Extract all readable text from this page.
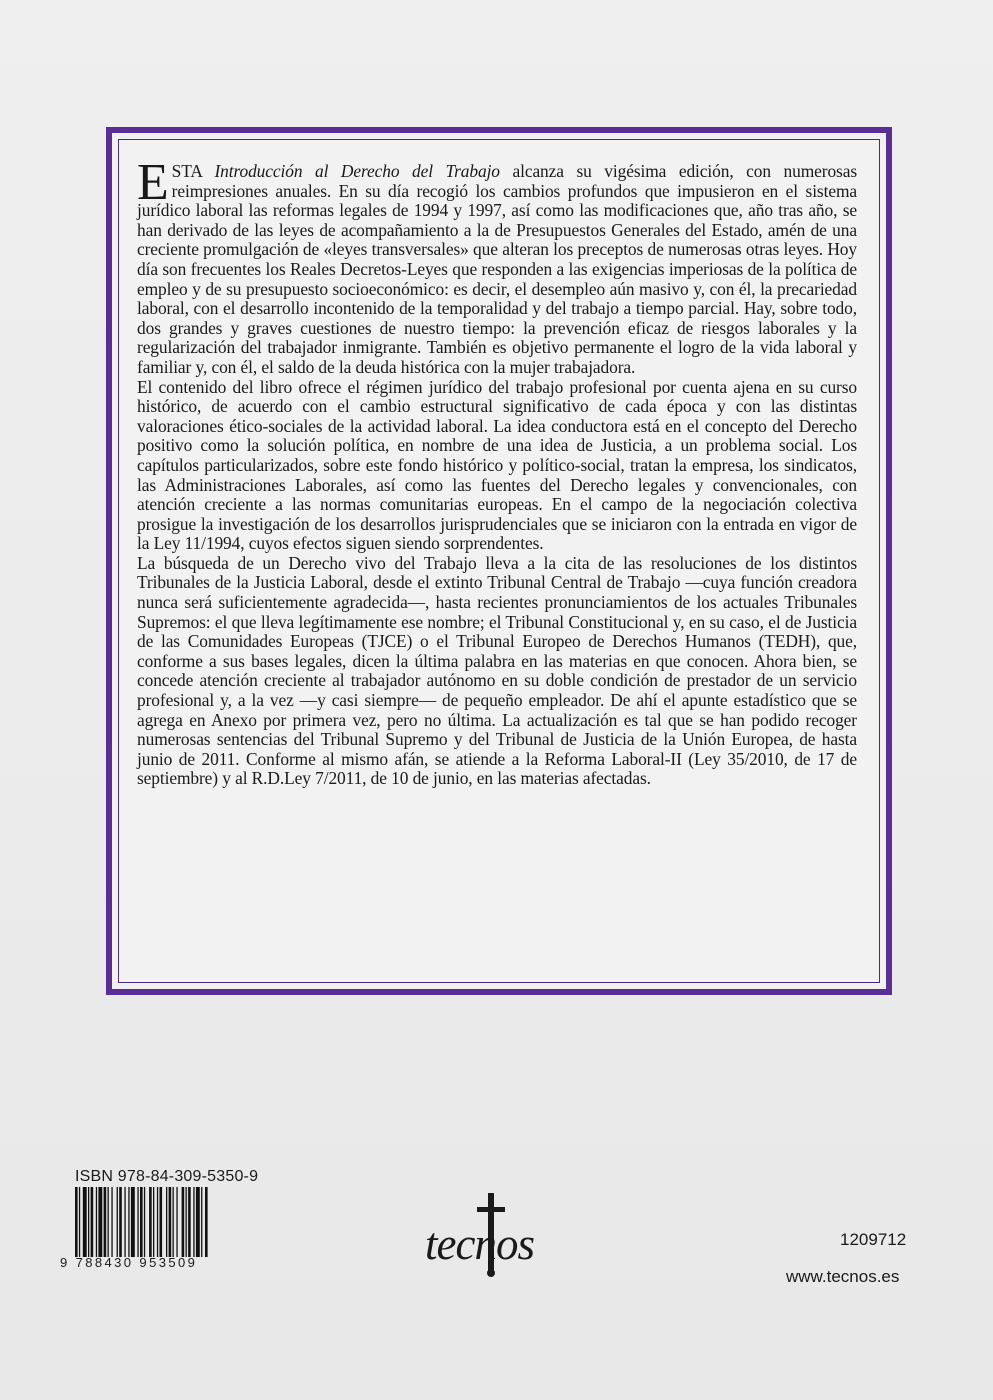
ESTA Introducción al Derecho del Trabajo alcanza su vigésima edición, con numerosas reimpresiones anuales. En su día recogió los cambios profundos que impusieron en el sistema jurídico laboral las reformas legales de 1994 y 1997, así como las modificaciones que, año tras año, se han derivado de las leyes de acompañamiento a la de Presupuestos Generales del Estado, amén de una creciente promulgación de «leyes transversales» que alteran los preceptos de numerosas otras leyes. Hoy día son frecuentes los Reales Decretos-Leyes que responden a las exigencias imperiosas de la política de empleo y de su presupuesto socioeconómico: es decir, el desempleo aún masivo y, con él, la precariedad laboral, con el desarrollo incontenido de la temporalidad y del trabajo a tiempo parcial. Hay, sobre todo, dos grandes y graves cuestiones de nuestro tiempo: la prevención eficaz de riesgos laborales y la regularización del trabajador inmigrante. También es objetivo permanente el logro de la vida laboral y familiar y, con él, el saldo de la deuda histórica con la mujer trabajadora.

El contenido del libro ofrece el régimen jurídico del trabajo profesional por cuenta ajena en su curso histórico, de acuerdo con el cambio estructural significativo de cada época y con las distintas valoraciones ético-sociales de la actividad laboral. La idea conductora está en el concepto del Derecho positivo como la solución política, en nombre de una idea de Justicia, a un problema social. Los capítulos particularizados, sobre este fondo histórico y político-social, tratan la empresa, los sindicatos, las Administraciones Laborales, así como las fuentes del Derecho legales y convencionales, con atención creciente a las normas comunitarias europeas. En el campo de la negociación colectiva prosigue la investigación de los desarrollos jurisprudenciales que se iniciaron con la entrada en vigor de la Ley 11/1994, cuyos efectos siguen siendo sorprendentes.

La búsqueda de un Derecho vivo del Trabajo lleva a la cita de las resoluciones de los distintos Tribunales de la Justicia Laboral, desde el extinto Tribunal Central de Trabajo —cuya función creadora nunca será suficientemente agradecida—, hasta recientes pronunciamientos de los actuales Tribunales Supremos: el que lleva legítimamente ese nombre; el Tribunal Constitucional y, en su caso, el de Justicia de las Comunidades Europeas (TJCE) o el Tribunal Europeo de Derechos Humanos (TEDH), que, conforme a sus bases legales, dicen la última palabra en las materias en que conocen. Ahora bien, se concede atención creciente al trabajador autónomo en su doble condición de prestador de un servicio profesional y, a la vez —y casi siempre— de pequeño empleador. De ahí el apunte estadístico que se agrega en Anexo por primera vez, pero no última. La actualización es tal que se han podido recoger numerosas sentencias del Tribunal Supremo y del Tribunal de Justicia de la Unión Europea, de hasta junio de 2011. Conforme al mismo afán, se atiende a la Reforma Laboral-II (Ley 35/2010, de 17 de septiembre) y al R.D.Ley 7/2011, de 10 de junio, en las materias afectadas.

ISBN 978-84-309-5350-9
9 788430 953509	tecnos	1209712
www.tecnos.es
